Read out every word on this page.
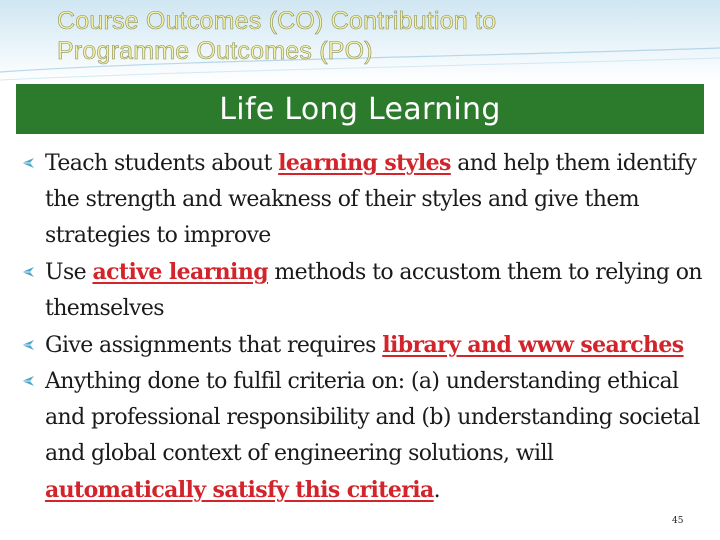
Course Outcomes (CO) Contribution to
Programme Outcomes (PO)
Life Long Learning
Teach students about learning styles and help them identify the strength and weakness of their styles and give them strategies to improve
Use active learning methods to accustom them to relying on themselves
Give assignments that requires library and www searches
Anything done to fulfil criteria on: (a) understanding ethical and professional responsibility and (b) understanding societal and global context of engineering solutions, will automatically satisfy this criteria.
45
